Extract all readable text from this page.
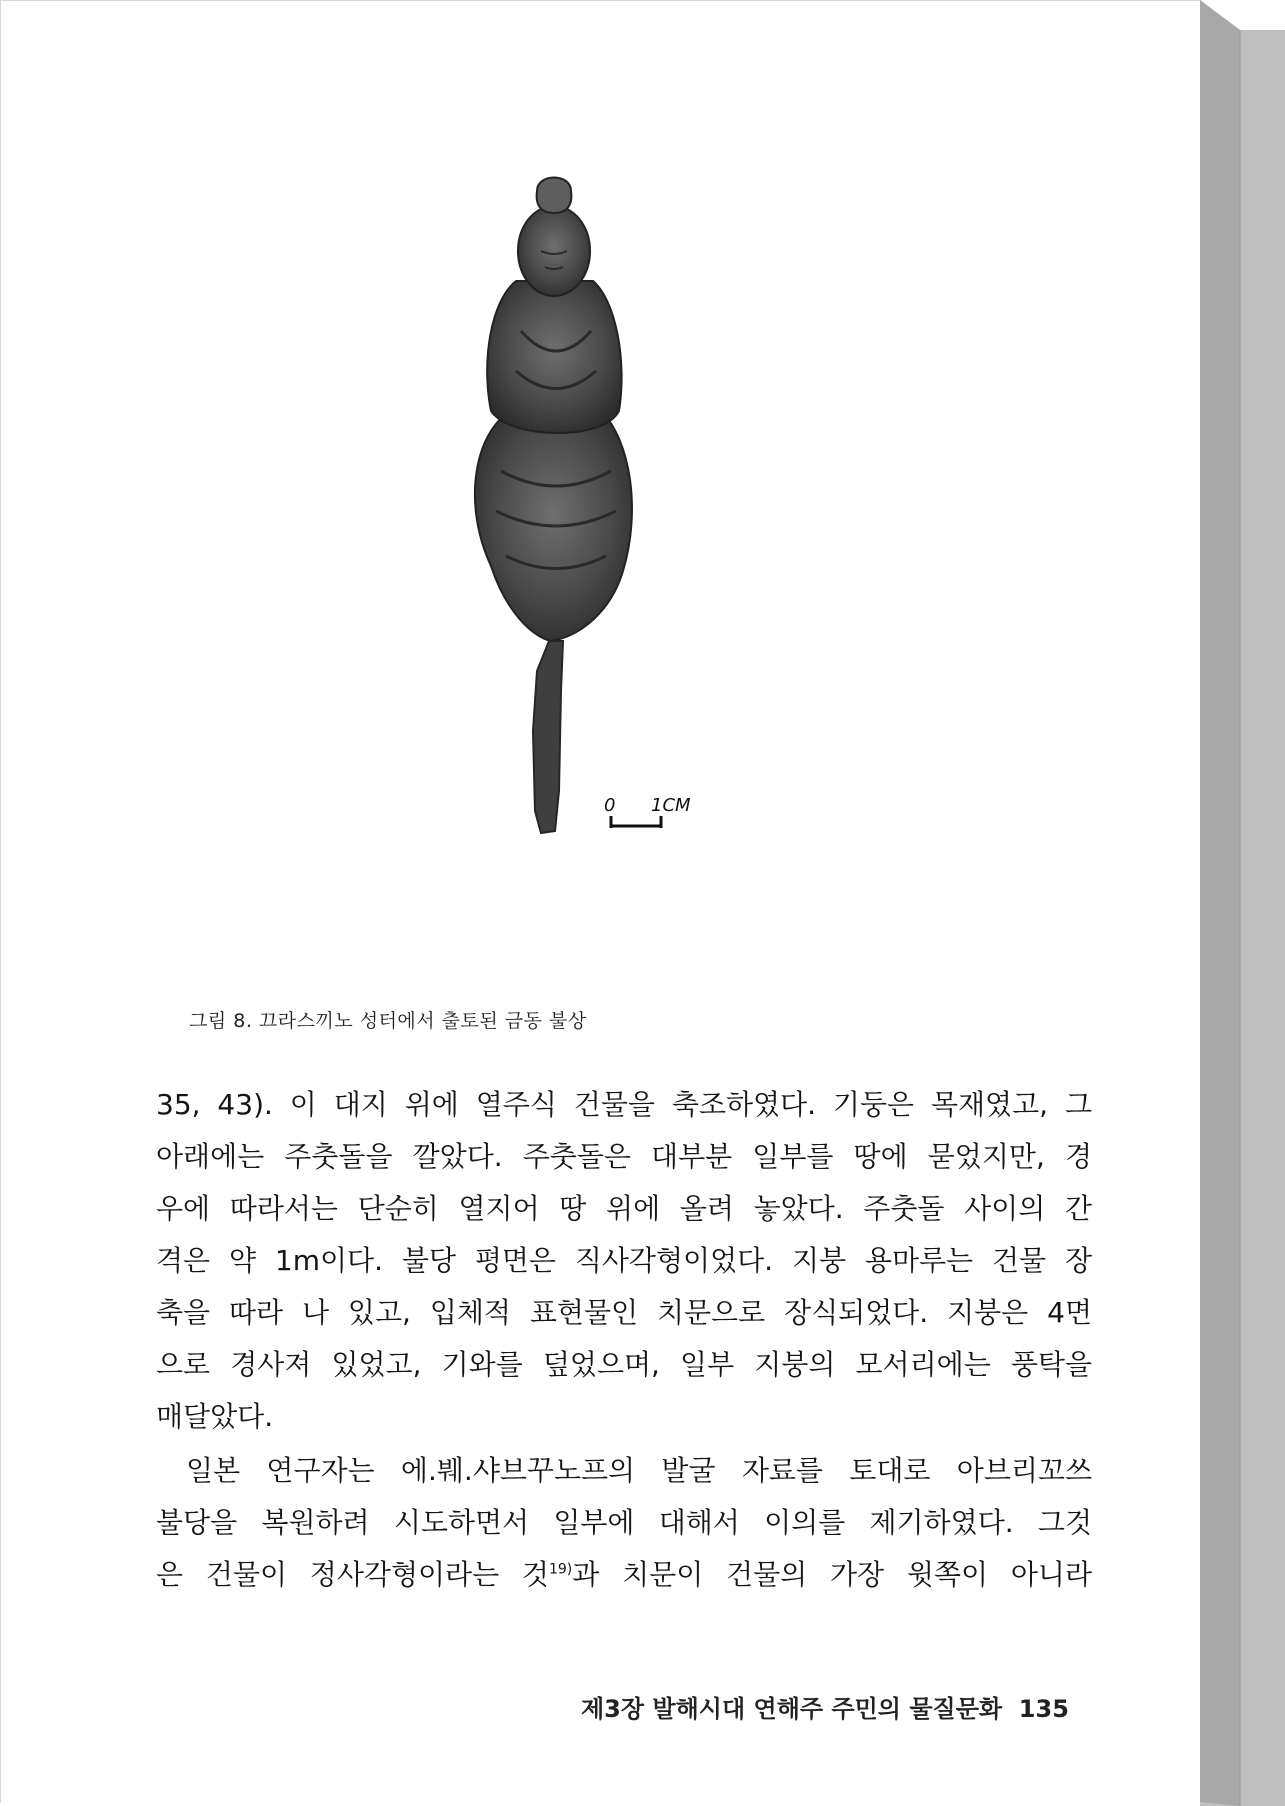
0 1CM
그림 8. 끄라스끼노 성터에서 출토된 금동 불상
35, 43). 이 대지 위에 열주식 건물을 축조하였다. 기둥은 목재였고, 그
아래에는 주춧돌을 깔았다. 주춧돌은 대부분 일부를 땅에 묻었지만, 경
우에 따라서는 단순히 열지어 땅 위에 올려 놓았다. 주춧돌 사이의 간
격은 약 1m이다. 불당 평면은 직사각형이었다. 지붕 용마루는 건물 장
축을 따라 나 있고, 입체적 표현물인 치문으로 장식되었다. 지붕은 4면
으로 경사져 있었고, 기와를 덮었으며, 일부 지붕의 모서리에는 풍탁을
매달았다.
일본 연구자는 에.붸.샤브꾸노프의 발굴 자료를 토대로 아브리꼬쓰
불당을 복원하려 시도하면서 일부에 대해서 이의를 제기하였다. 그것
은 건물이 정사각형이라는 것$^{19)}$과 치문이 건물의 가장 윗쪽이 아니라
제3장 발해시대 연해주 주민의 물질문화 135
